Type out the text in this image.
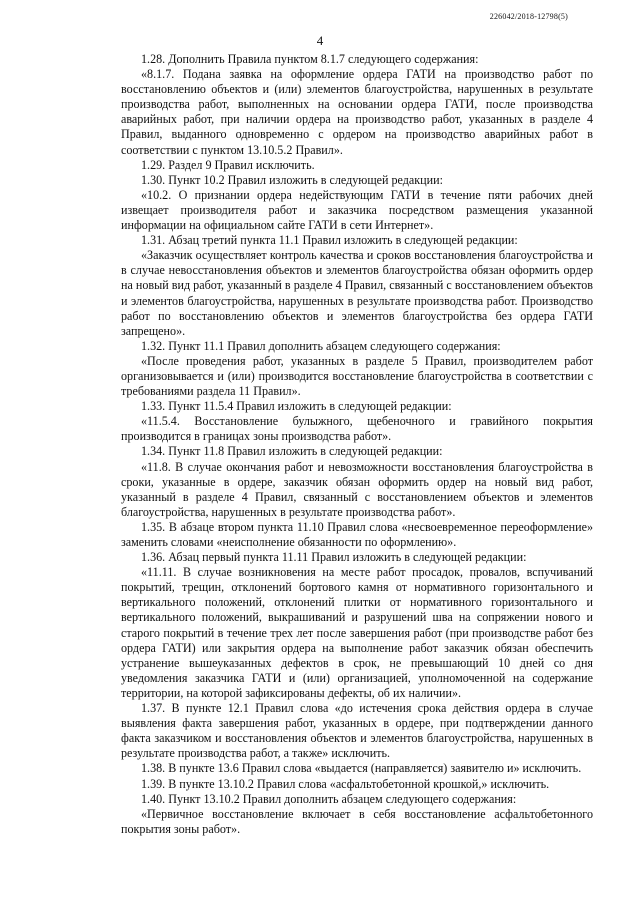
226042/2018-12798(5)
4

1.28. Дополнить Правила пунктом 8.1.7 следующего содержания:

«8.1.7. Подана заявка на оформление ордера ГАТИ на производство работ по восстановлению объектов и (или) элементов благоустройства, нарушенных в результате производства работ, выполненных на основании ордера ГАТИ, после производства аварийных работ, при наличии ордера на производство работ, указанных в разделе 4 Правил, выданного одновременно с ордером на производство аварийных работ в соответствии с пунктом 13.10.5.2 Правил».

1.29. Раздел 9 Правил исключить.

1.30. Пункт 10.2 Правил изложить в следующей редакции:

«10.2. О признании ордера недействующим ГАТИ в течение пяти рабочих дней извещает производителя работ и заказчика посредством размещения указанной информации на официальном сайте ГАТИ в сети Интернет».

1.31. Абзац третий пункта 11.1 Правил изложить в следующей редакции:

«Заказчик осуществляет контроль качества и сроков восстановления благоустройства и в случае невосстановления объектов и элементов благоустройства обязан оформить ордер на новый вид работ, указанный в разделе 4 Правил, связанный с восстановлением объектов и элементов благоустройства, нарушенных в результате производства работ. Производство работ по восстановлению объектов и элементов благоустройства без ордера ГАТИ запрещено».

1.32. Пункт 11.1 Правил дополнить абзацем следующего содержания:

«После проведения работ, указанных в разделе 5 Правил, производителем работ организовывается и (или) производится восстановление благоустройства в соответствии с требованиями раздела 11 Правил».

1.33. Пункт 11.5.4 Правил изложить в следующей редакции:

«11.5.4. Восстановление булыжного, щебеночного и гравийного покрытия производится в границах зоны производства работ».

1.34. Пункт 11.8 Правил изложить в следующей редакции:

«11.8. В случае окончания работ и невозможности восстановления благоустройства в сроки, указанные в ордере, заказчик обязан оформить ордер на новый вид работ, указанный в разделе 4 Правил, связанный с восстановлением объектов и элементов благоустройства, нарушенных в результате производства работ».

1.35. В абзаце втором пункта 11.10 Правил слова «несвоевременное переоформление» заменить словами «неисполнение обязанности по оформлению».

1.36. Абзац первый пункта 11.11 Правил изложить в следующей редакции:

«11.11. В случае возникновения на месте работ просадок, провалов, вспучиваний покрытий, трещин, отклонений бортового камня от нормативного горизонтального и вертикального положений, отклонений плитки от нормативного горизонтального и вертикального положений, выкрашиваний и разрушений шва на сопряжении нового и старого покрытий в течение трех лет после завершения работ (при производстве работ без ордера ГАТИ) или закрытия ордера на выполнение работ заказчик обязан обеспечить устранение вышеуказанных дефектов в срок, не превышающий 10 дней со дня уведомления заказчика ГАТИ и (или) организацией, уполномоченной на содержание территории, на которой зафиксированы дефекты, об их наличии».

1.37. В пункте 12.1 Правил слова «до истечения срока действия ордера в случае выявления факта завершения работ, указанных в ордере, при подтверждении данного факта заказчиком и восстановления объектов и элементов благоустройства, нарушенных в результате производства работ, а также» исключить.

1.38. В пункте 13.6 Правил слова «выдается (направляется) заявителю и» исключить.

1.39. В пункте 13.10.2 Правил слова «асфальтобетонной крошкой,» исключить.

1.40. Пункт 13.10.2 Правил дополнить абзацем следующего содержания:

«Первичное восстановление включает в себя восстановление асфальтобетонного покрытия зоны работ».
